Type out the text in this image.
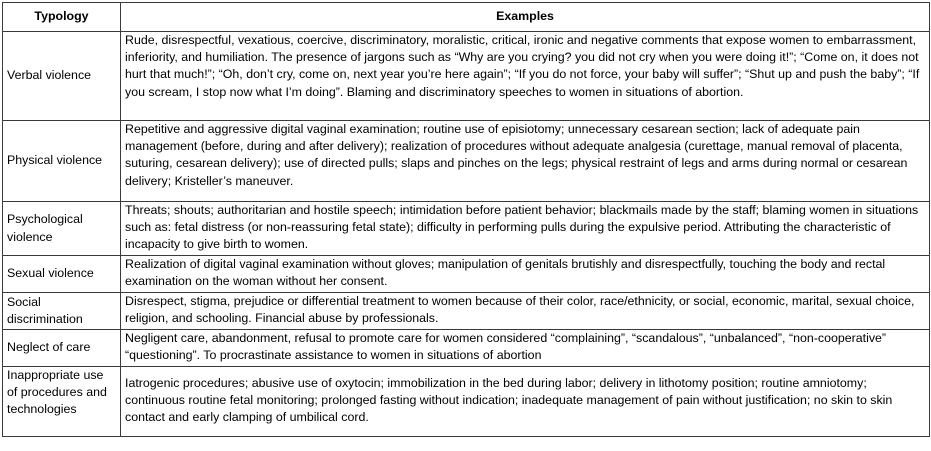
Typology	Examples
Verbal violence	Rude, disrespectful, vexatious, coercive, discriminatory, moralistic, critical, ironic and negative comments that expose women to embarrassment, inferiority, and humiliation. The presence of jargons such as “Why are you crying? you did not cry when you were doing it!”; “Come on, it does not hurt that much!”; “Oh, don’t cry, come on, next year you’re here again”; “If you do not force, your baby will suffer”; “Shut up and push the baby”; “If you scream, I stop now what I’m doing”. Blaming and discriminatory speeches to women in situations of abortion.
Physical violence	Repetitive and aggressive digital vaginal examination; routine use of episiotomy; unnecessary cesarean section; lack of adequate pain management (before, during and after delivery); realization of procedures without adequate analgesia (curettage, manual removal of placenta, suturing, cesarean delivery); use of directed pulls; slaps and pinches on the legs; physical restraint of legs and arms during normal or cesarean delivery; Kristeller’s maneuver.
Psychological violence	Threats; shouts; authoritarian and hostile speech; intimidation before patient behavior; blackmails made by the staff; blaming women in situations such as: fetal distress (or non-reassuring fetal state); difficulty in performing pulls during the expulsive period. Attributing the characteristic of incapacity to give birth to women.
Sexual violence	Realization of digital vaginal examination without gloves; manipulation of genitals brutishly and disrespectfully, touching the body and rectal examination on the woman without her consent.
Social discrimination	Disrespect, stigma, prejudice or differential treatment to women because of their color, race/ethnicity, or social, economic, marital, sexual choice, religion, and schooling. Financial abuse by professionals.
Neglect of care	Negligent care, abandonment, refusal to promote care for women considered “complaining”, “scandalous”, “unbalanced”, “non-cooperative” “questioning”. To procrastinate assistance to women in situations of abortion
Inappropriate use of procedures and technologies	Iatrogenic procedures; abusive use of oxytocin; immobilization in the bed during labor; delivery in lithotomy position; routine amniotomy; continuous routine fetal monitoring; prolonged fasting without indication; inadequate management of pain without justification; no skin to skin contact and early clamping of umbilical cord.
